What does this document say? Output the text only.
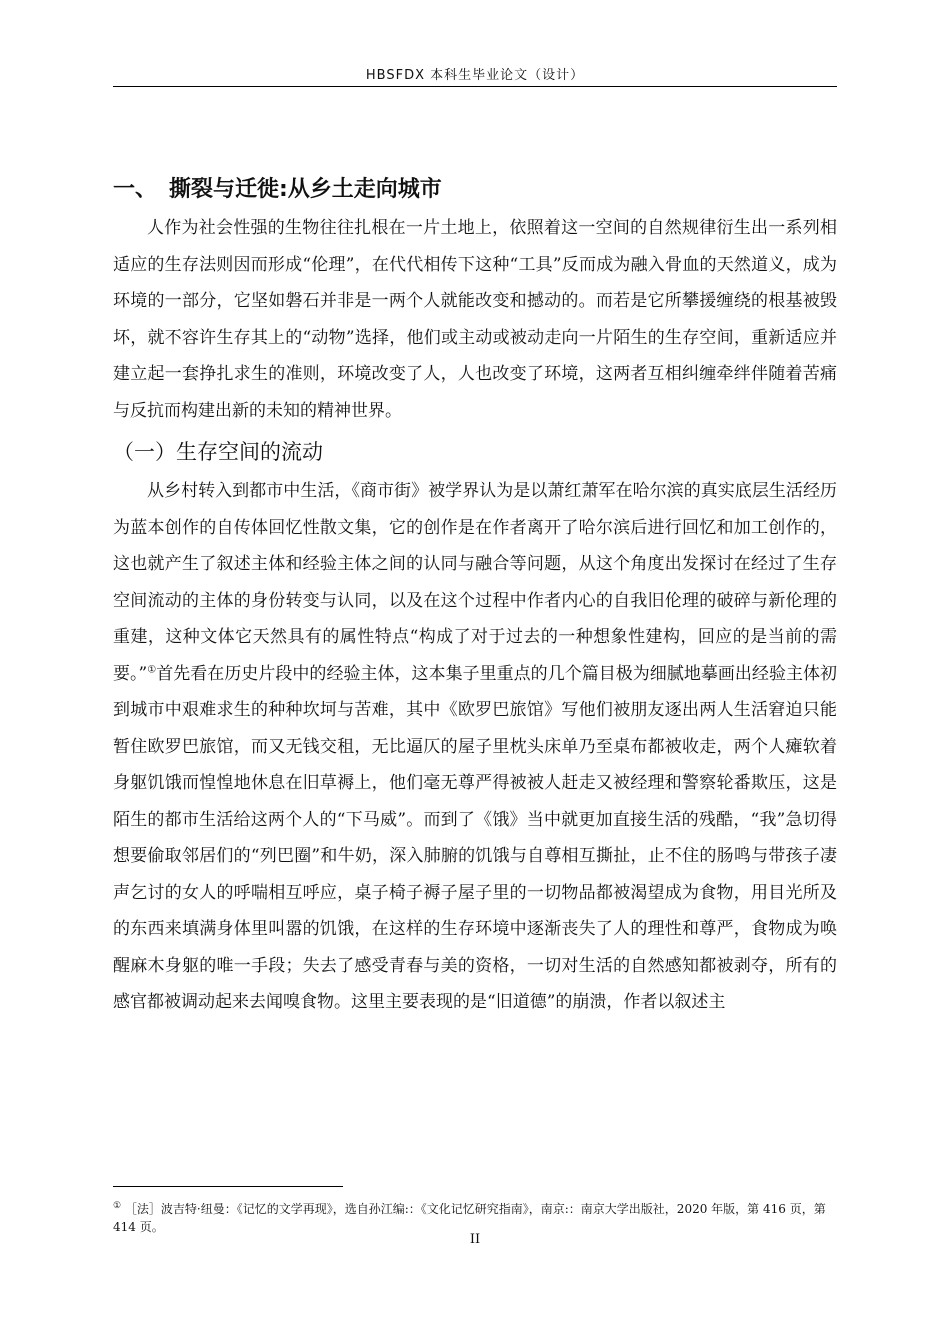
HBSFDX 本科生毕业论文（设计）
一、 撕裂与迁徙:从乡土走向城市

人作为社会性强的生物往往扎根在一片土地上，依照着这一空间的自然规律衍生出一系列相适应的生存法则因而形成“伦理”，在代代相传下这种“工具”反而成为融入骨血的天然道义，成为环境的一部分，它坚如磐石并非是一两个人就能改变和撼动的。而若是它所攀援缠绕的根基被毁坏，就不容许生存其上的“动物”选择，他们或主动或被动走向一片陌生的生存空间，重新适应并建立起一套挣扎求生的准则，环境改变了人，人也改变了环境，这两者互相纠缠牵绊伴随着苦痛与反抗而构建出新的未知的精神世界。

（一）生存空间的流动

从乡村转入到都市中生活，《商市街》被学界认为是以萧红萧军在哈尔滨的真实底层生活经历为蓝本创作的自传体回忆性散文集，它的创作是在作者离开了哈尔滨后进行回忆和加工创作的，这也就产生了叙述主体和经验主体之间的认同与融合等问题，从这个角度出发探讨在经过了生存空间流动的主体的身份转变与认同，以及在这个过程中作者内心的自我旧伦理的破碎与新伦理的重建，这种文体它天然具有的属性特点“构成了对于过去的一种想象性建构，回应的是当前的需要。”①首先看在历史片段中的经验主体，这本集子里重点的几个篇目极为细腻地摹画出经验主体初到城市中艰难求生的种种坎坷与苦难，其中《欧罗巴旅馆》写他们被朋友逐出两人生活窘迫只能暂住欧罗巴旅馆，而又无钱交租，无比逼仄的屋子里枕头床单乃至桌布都被收走，两个人瘫软着身躯饥饿而惶惶地休息在旧草褥上，他们毫无尊严得被被人赶走又被经理和警察轮番欺压，这是陌生的都市生活给这两个人的“下马威”。而到了《饿》当中就更加直接生活的残酷，“我”急切得想要偷取邻居们的“列巴圈”和牛奶，深入肺腑的饥饿与自尊相互撕扯，止不住的肠鸣与带孩子凄声乞讨的女人的呼喘相互呼应，桌子椅子褥子屋子里的一切物品都被渴望成为食物，用目光所及的东西来填满身体里叫嚣的饥饿，在这样的生存环境中逐渐丧失了人的理性和尊严，食物成为唤醒麻木身躯的唯一手段；失去了感受青春与美的资格，一切对生活的自然感知都被剥夺，所有的感官都被调动起来去闻嗅食物。这里主要表现的是“旧道德”的崩溃，作者以叙述主

① ［法］波吉特·纽曼：《记忆的文学再现》，选自孙江编:：《文化记忆研究指南》，南京:：南京大学出版社，2020 年版，第 416 页，第 414 页。
II
